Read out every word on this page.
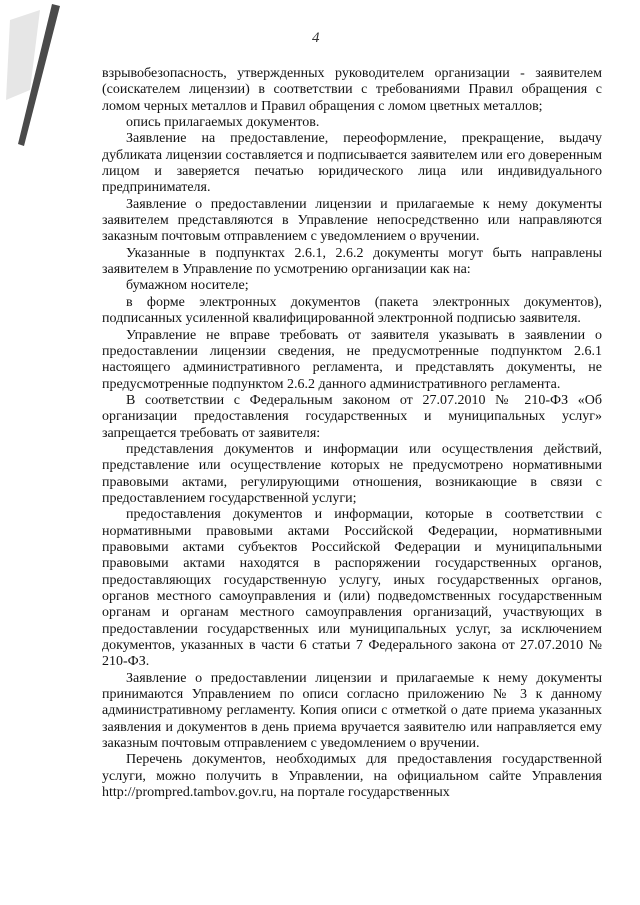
4

взрывобезопасность, утвержденных руководителем организации - заявителем (соискателем лицензии) в соответствии с требованиями Правил обращения с ломом черных металлов и Правил обращения с ломом цветных металлов;

опись прилагаемых документов.

Заявление на предоставление, переоформление, прекращение, выдачу дубликата лицензии составляется и подписывается заявителем или его доверенным лицом и заверяется печатью юридического лица или индивидуального предпринимателя.

Заявление о предоставлении лицензии и прилагаемые к нему документы заявителем представляются в Управление непосредственно или направляются заказным почтовым отправлением с уведомлением о вручении.

Указанные в подпунктах 2.6.1, 2.6.2 документы могут быть направлены заявителем в Управление по усмотрению организации как на:

бумажном носителе;

в форме электронных документов (пакета электронных документов), подписанных усиленной квалифицированной электронной подписью заявителя.

Управление не вправе требовать от заявителя указывать в заявлении о предоставлении лицензии сведения, не предусмотренные подпунктом 2.6.1 настоящего административного регламента, и представлять документы, не предусмотренные подпунктом 2.6.2 данного административного регламента.

В соответствии с Федеральным законом от 27.07.2010 № 210-ФЗ «Об организации предоставления государственных и муниципальных услуг» запрещается требовать от заявителя:

представления документов и информации или осуществления действий, представление или осуществление которых не предусмотрено нормативными правовыми актами, регулирующими отношения, возникающие в связи с предоставлением государственной услуги;

предоставления документов и информации, которые в соответствии с нормативными правовыми актами Российской Федерации, нормативными правовыми актами субъектов Российской Федерации и муниципальными правовыми актами находятся в распоряжении государственных органов, предоставляющих государственную услугу, иных государственных органов, органов местного самоуправления и (или) подведомственных государственным органам и органам местного самоуправления организаций, участвующих в предоставлении государственных или муниципальных услуг, за исключением документов, указанных в части 6 статьи 7 Федерального закона от 27.07.2010 № 210-ФЗ.

Заявление о предоставлении лицензии и прилагаемые к нему документы принимаются Управлением по описи согласно приложению № 3 к данному административному регламенту. Копия описи с отметкой о дате приема указанных заявления и документов в день приема вручается заявителю или направляется ему заказным почтовым отправлением с уведомлением о вручении.

Перечень документов, необходимых для предоставления государственной услуги, можно получить в Управлении, на официальном сайте Управления http://prompred.tambov.gov.ru, на портале государственных
